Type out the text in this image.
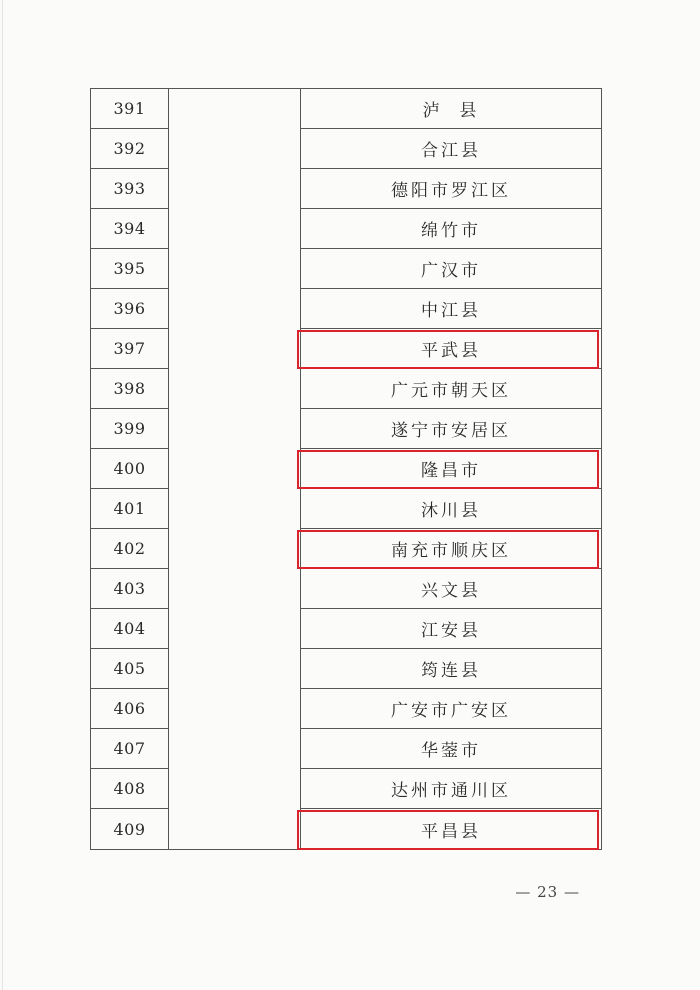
391	泸  县
392	合江县
393	德阳市罗江区
394	绵竹市
395	广汉市
396	中江县
397	平武县
398	广元市朝天区
399	遂宁市安居区
400	隆昌市
401	沐川县
402	南充市顺庆区
403	兴文县
404	江安县
405	筠连县
406	广安市广安区
407	华蓥市
408	达州市通川区
409	平昌县
— 23 —
